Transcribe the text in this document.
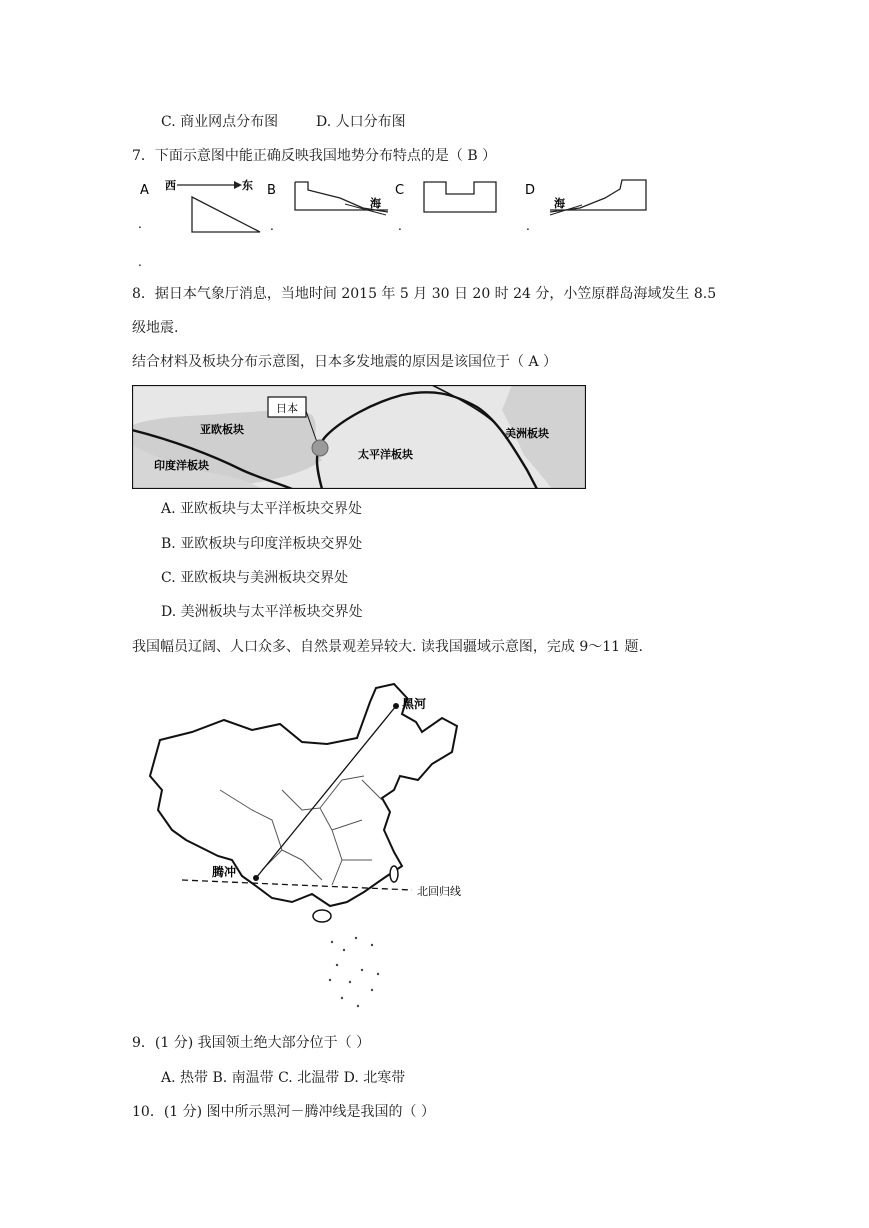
C. 商业网点分布图	D. 人口分布图
7．下面示意图中能正确反映我国地势分布特点的是（ B ）
A 西	东
.
B
海
.
C
.
D
海
.
.
8．据日本气象厅消息，当地时间 2015 年 5 月 30 日 20 时 24 分，小笠原群岛海域发生 8.5
级地震.
结合材料及板块分布示意图，日本多发地震的原因是该国位于（ A ）
日本
亚欧板块
印度洋板块
太平洋板块
美洲板块
A. 亚欧板块与太平洋板块交界处
B. 亚欧板块与印度洋板块交界处
C. 亚欧板块与美洲板块交界处
D. 美洲板块与太平洋板块交界处
我国幅员辽阔、人口众多、自然景观差异较大. 读我国疆域示意图，完成 9～11 题.
黑河
腾冲
北回归线
9．(1 分) 我国领土绝大部分位于（ ）
A. 热带 B. 南温带 C. 北温带 D. 北寒带
10．(1 分) 图中所示黑河－腾冲线是我国的（ ）
